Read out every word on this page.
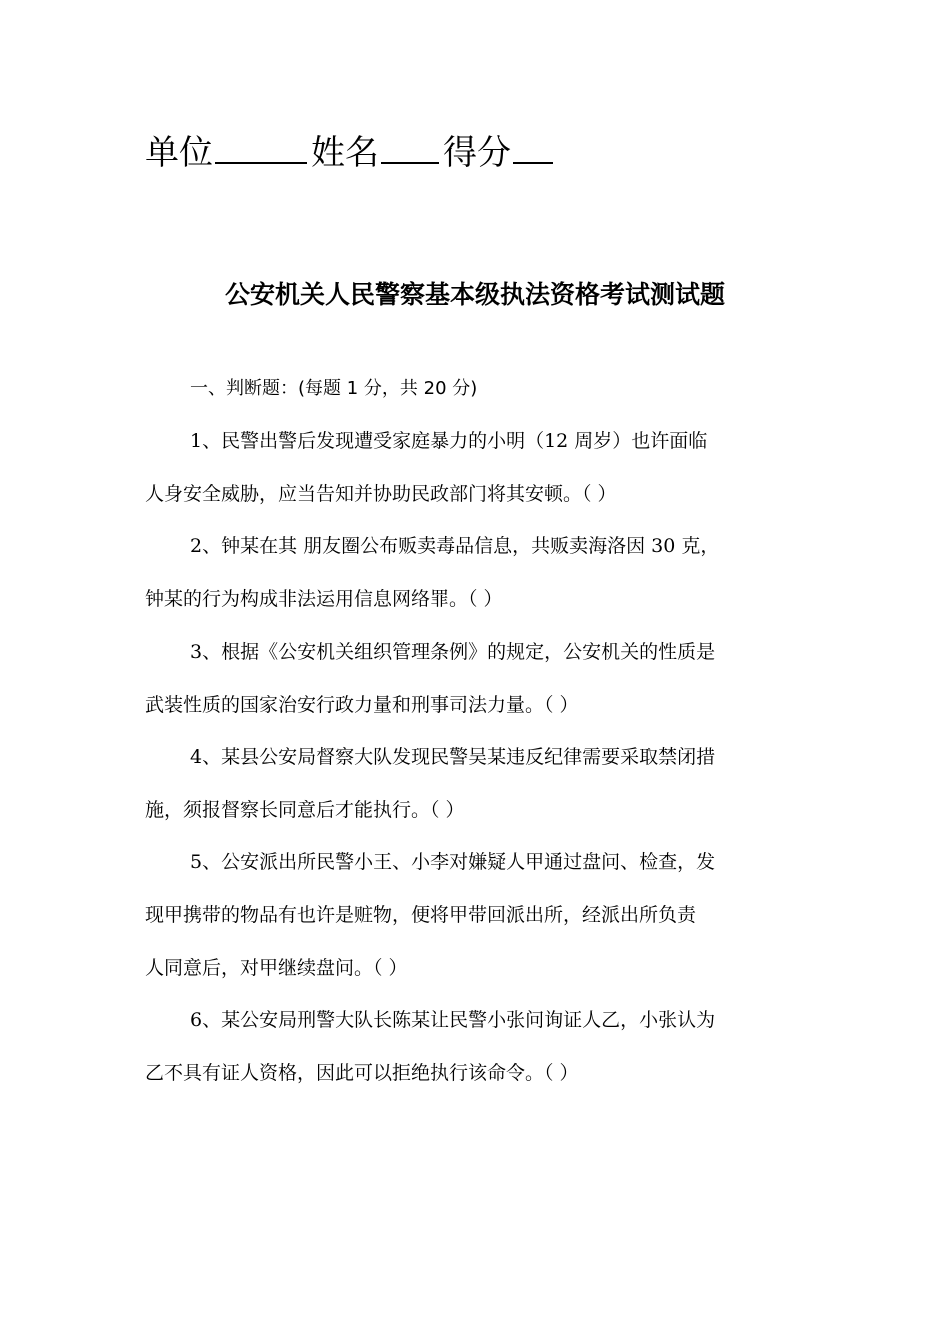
单位	姓名 得分
公安机关人民警察基本级执法资格考试测试题
一、判断题：(每题 1 分，共 20 分)
1、民警出警后发现遭受家庭暴力的小明（12 周岁）也许面临
人身安全威胁，应当告知并协助民政部门将其安顿。（ ）
2、钟某在其 朋友圈公布贩卖毒品信息，共贩卖海洛因 30 克，
钟某的行为构成非法运用信息网络罪。（ ）
3、根据《公安机关组织管理条例》的规定，公安机关的性质是
武装性质的国家治安行政力量和刑事司法力量。（ ）
4、某县公安局督察大队发现民警吴某违反纪律需要采取禁闭措
施，须报督察长同意后才能执行。（ ）
5、公安派出所民警小王、小李对嫌疑人甲通过盘问、检查，发
现甲携带的物品有也许是赃物，便将甲带回派出所，经派出所负责
人同意后，对甲继续盘问。（ ）
6、某公安局刑警大队长陈某让民警小张问询证人乙，小张认为
乙不具有证人资格，因此可以拒绝执行该命令。（ ）
